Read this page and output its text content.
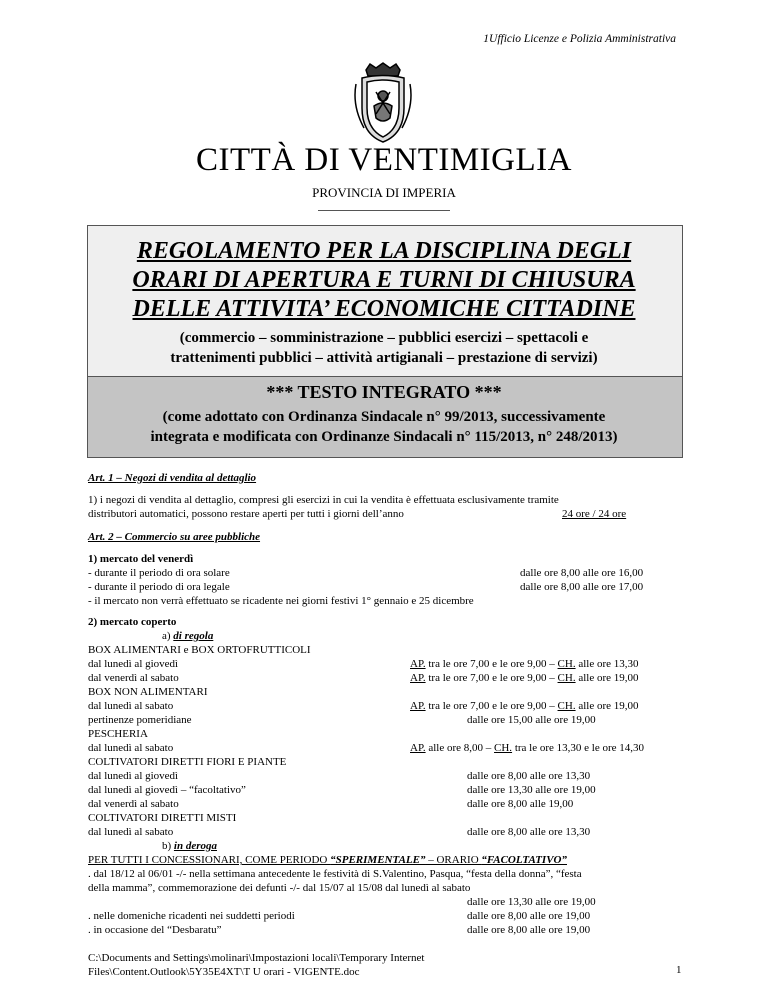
1Ufficio Licenze e Polizia Amministrativa
CITTÀ DI VENTIMIGLIA
PROVINCIA DI IMPERIA
REGOLAMENTO PER LA DISCIPLINA DEGLI
ORARI DI APERTURA E TURNI DI CHIUSURA
DELLE ATTIVITA’ ECONOMICHE CITTADINE
(commercio – somministrazione – pubblici esercizi – spettacoli e
trattenimenti pubblici – attività artigianali – prestazione di servizi)
*** TESTO INTEGRATO ***
(come adottato con Ordinanza Sindacale n° 99/2013, successivamente
integrata e modificata con Ordinanze Sindacali n° 115/2013, n° 248/2013)
Art. 1 – Negozi di vendita al dettaglio
1) i negozi di vendita al dettaglio, compresi gli esercizi in cui la vendita è effettuata esclusivamente tramite
distributori automatici, possono restare aperti per tutti i giorni dell’anno	24 ore / 24 ore
Art. 2 – Commercio su aree pubbliche
1) mercato del venerdì
- durante il periodo di ora solare	dalle ore 8,00 alle ore 16,00
- durante il periodo di ora legale	dalle ore 8,00 alle ore 17,00
- il mercato non verrà effettuato se ricadente nei giorni festivi 1° gennaio e 25 dicembre
2) mercato coperto
a) di regola
BOX ALIMENTARI e BOX ORTOFRUTTICOLI
dal lunedì al giovedì	AP. tra le ore 7,00 e le ore 9,00 – CH. alle ore 13,30
dal venerdì al sabato	AP. tra le ore 7,00 e le ore 9,00 – CH. alle ore 19,00
BOX NON ALIMENTARI
dal lunedì al sabato	AP. tra le ore 7,00 e le ore 9,00 – CH. alle ore 19,00
pertinenze pomeridiane	dalle ore 15,00 alle ore 19,00
PESCHERIA
dal lunedì al sabato	AP. alle ore 8,00 – CH. tra le ore 13,30 e le ore 14,30
COLTIVATORI DIRETTI FIORI E PIANTE
dal lunedì al giovedì	dalle ore 8,00 alle ore 13,30
dal lunedì al giovedì – “facoltativo”	dalle ore 13,30 alle ore 19,00
dal venerdì al sabato	dalle ore 8,00 alle 19,00
COLTIVATORI DIRETTI MISTI
dal lunedì al sabato	dalle ore 8,00 alle ore 13,30
b) in deroga
PER TUTTI I CONCESSIONARI, COME PERIODO “SPERIMENTALE” – ORARIO “FACOLTATIVO”
. dal 18/12 al 06/01 -/- nella settimana antecedente le festività di S.Valentino, Pasqua, “festa della donna”, “festa
della mamma”, commemorazione dei defunti -/- dal 15/07 al 15/08 dal lunedì al sabato
dalle ore 13,30 alle ore 19,00
. nelle domeniche ricadenti nei suddetti periodi	dalle ore 8,00 alle ore 19,00
. in occasione del “Desbaratu”	dalle ore 8,00 alle ore 19,00
C:\Documents and Settings\molinari\Impostazioni locali\Temporary Internet
Files\Content.Outlook\5Y35E4XT\T U orari - VIGENTE.doc	1
